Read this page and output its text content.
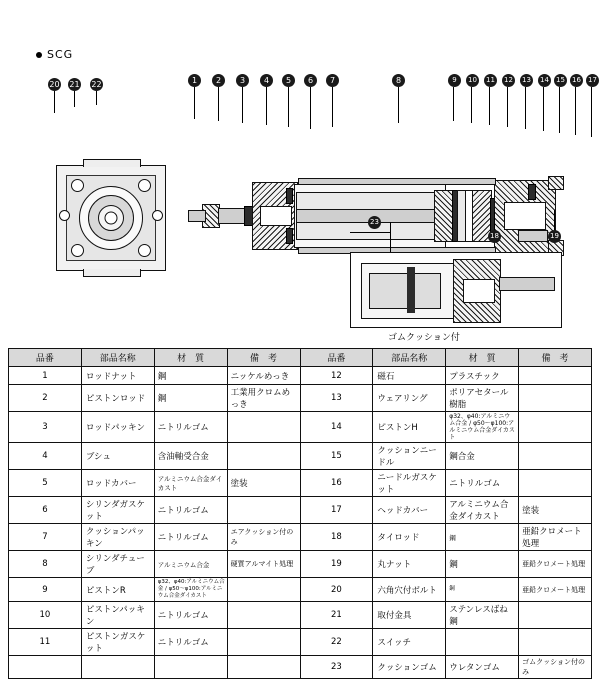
SCG
20 21 22	1	2	3	4	5	6	7	8	9	10 11 12 13 14 15 16 17
18	19
23
ゴムクッション付
品番	部品名称	材　質	備　考	品番	部品名称	材　質	備　考
1	ロッドナット	鋼	ニッケルめっき	12	磁石	プラスチック	
2	ピストンロッド	鋼	工業用クロムめっき	13	ウェアリング	ポリアセタール樹脂	
3	ロッドパッキン	ニトリルゴム		14	ピストンH	φ32、φ40:アルミニウム合金 / φ50～φ100:アルミニウム合金ダイカスト	
4	ブシュ	含油軸受合金		15	クッションニードル	鋼合金	
5	ロッドカバー	アルミニウム合金ダイカスト	塗装	16	ニードルガスケット	ニトリルゴム	
6	シリンダガスケット	ニトリルゴム		17	ヘッドカバー	アルミニウム合金ダイカスト	塗装
7	クッションパッキン	ニトリルゴム	エアクッション付のみ	18	タイロッド	鋼	亜鉛クロメート処理
8	シリンダチューブ	アルミニウム合金	硬質アルマイト処理	19	丸ナット	鋼	亜鉛クロメート処理
9	ピストンR	φ32、φ40:アルミニウム合金 / φ50～φ100:アルミニウム合金ダイカスト		20	六角穴付ボルト	鋼	亜鉛クロメート処理
10	ピストンパッキン	ニトリルゴム		21	取付金具	ステンレスばね鋼	
11	ピストンガスケット	ニトリルゴム		22	スイッチ		
				23	クッションゴム	ウレタンゴム	ゴムクッション付のみ
